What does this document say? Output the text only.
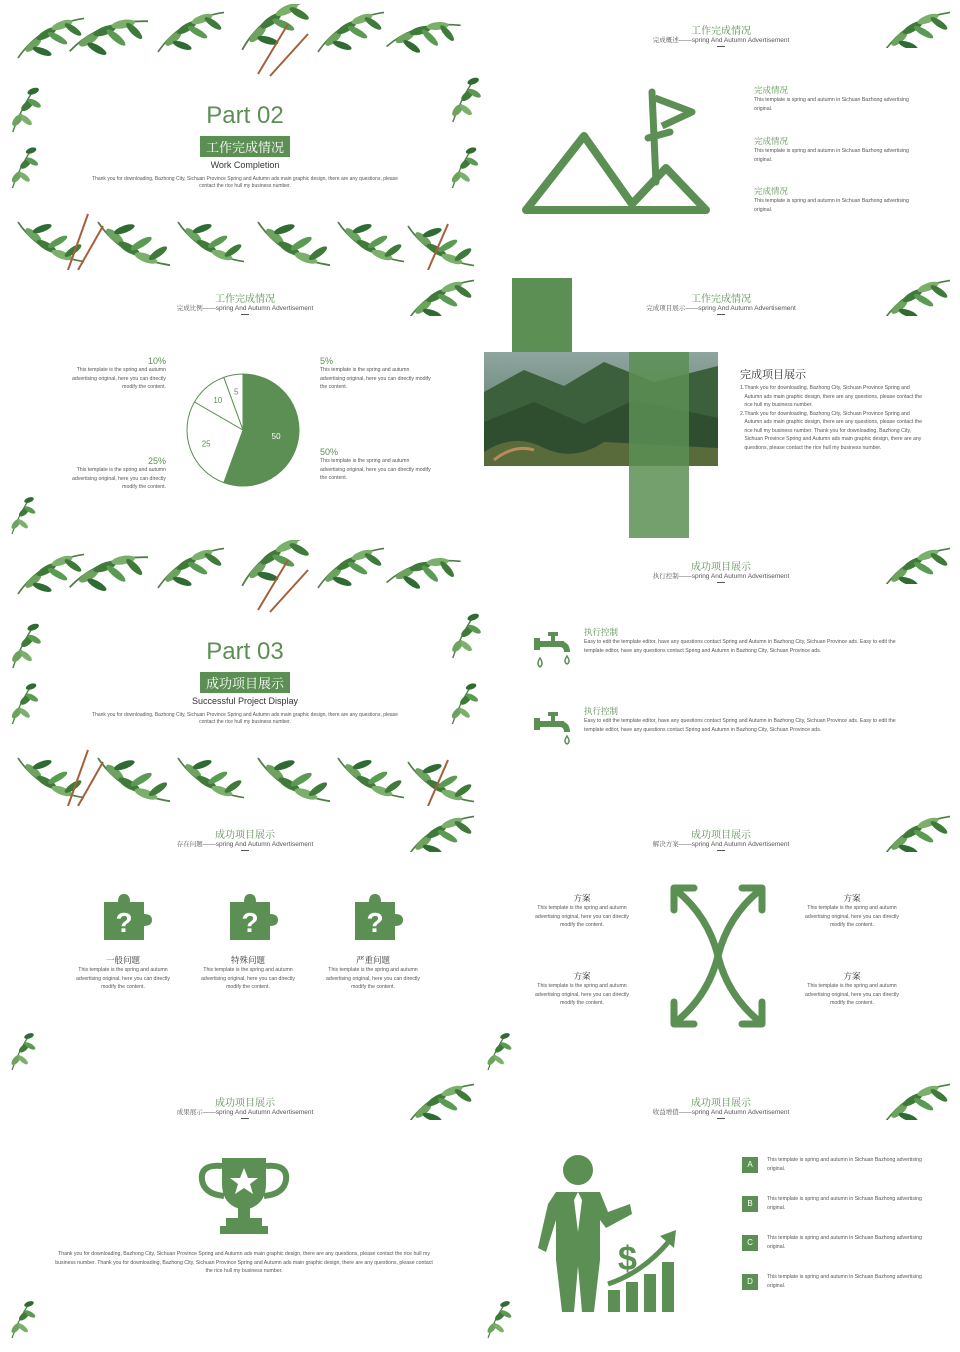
Part 02
工作完成情况
Work Completion
Thank you for downloading, Bazhong City, Sichuan Province Spring and Autumn ads main graphic design, there are any questions, please contact the rice hull my business number.
工作完成情况
完成概述——spring And Autumn Advertisement
完成情况
This template is spring and autumn in Sichuan Bazhong advertising original.
完成情况
This template is spring and autumn in Sichuan Bazhong advertising original.
完成情况
This template is spring and autumn in Sichuan Bazhong advertising original.
工作完成情况
完成比例——spring And Autumn Advertisement
10%
This template is the spring and autumn advertising original, here you can directly modify the content.
25%
This template is the spring and autumn advertising original, here you can directly modify the content.
5%
This template is the spring and autumn advertising original, here you can directly modify the content.
50%
This template is the spring and autumn advertising original, here you can directly modify the content.
50
25
10
5
工作完成情况
完成项目展示——spring And Autumn Advertisement
完成项目展示
1. Thank you for downloading, Bazhong City, Sichuan Province Spring and Autumn ads main graphic design, there are any questions, please contact the rice hull my business number.
2. Thank you for downloading, Bazhong City, Sichuan Province Spring and Autumn ads main graphic design, there are any questions, please contact the rice hull my business number. Thank you for downloading, Bazhong City, Sichuan Province Spring and Autumn ads main graphic design, there are any questions, please contact the rice hull my business number.
Part 03
成功项目展示
Successful Project Display
Thank you for downloading, Bazhong City, Sichuan Province Spring and Autumn ads main graphic design, there are any questions, please contact the rice hull my business number.
成功项目展示
执行控制——spring And Autumn Advertisement
执行控制
Easy to edit the template editor, have any questions contact Spring and Autumn in Bazhong City, Sichuan Province ads. Easy to edit the template editor, have any questions contact Spring and Autumn in Bazhong City, Sichuan Province ads.
执行控制
Easy to edit the template editor, have any questions contact Spring and Autumn in Bazhong City, Sichuan Province ads. Easy to edit the template editor, have any questions contact Spring and Autumn in Bazhong City, Sichuan Province ads.
成功项目展示
存在问题——spring And Autumn Advertisement
?
一般问题
This template is the spring and autumn advertising original, here you can directly modify the content.
?
特殊问题
This template is the spring and autumn advertising original, here you can directly modify the content.
?
严重问题
This template is the spring and autumn advertising original, here you can directly modify the content.
成功项目展示
解决方案——spring And Autumn Advertisement
方案
This template is the spring and autumn advertising original, here you can directly modify the content.
方案
This template is the spring and autumn advertising original, here you can directly modify the content.
方案
This template is the spring and autumn advertising original, here you can directly modify the content.
方案
This template is the spring and autumn advertising original, here you can directly modify the content.
成功项目展示
成果展示——spring And Autumn Advertisement
Thank you for downloading, Bazhong City, Sichuan Province Spring and Autumn ads main graphic design, there are any questions, please contact the rice hull my business number. Thank you for downloading, Bazhong City, Sichuan Province Spring and Autumn ads main graphic design, there are any questions, please contact the rice hull my business number.
成功项目展示
收益增值——spring And Autumn Advertisement
$
A	This template is spring and autumn in Sichuan Bazhong advertising original.
B	This template is spring and autumn in Sichuan Bazhong advertising original.
C	This template is spring and autumn in Sichuan Bazhong advertising original.
D	This template is spring and autumn in Sichuan Bazhong advertising original.
